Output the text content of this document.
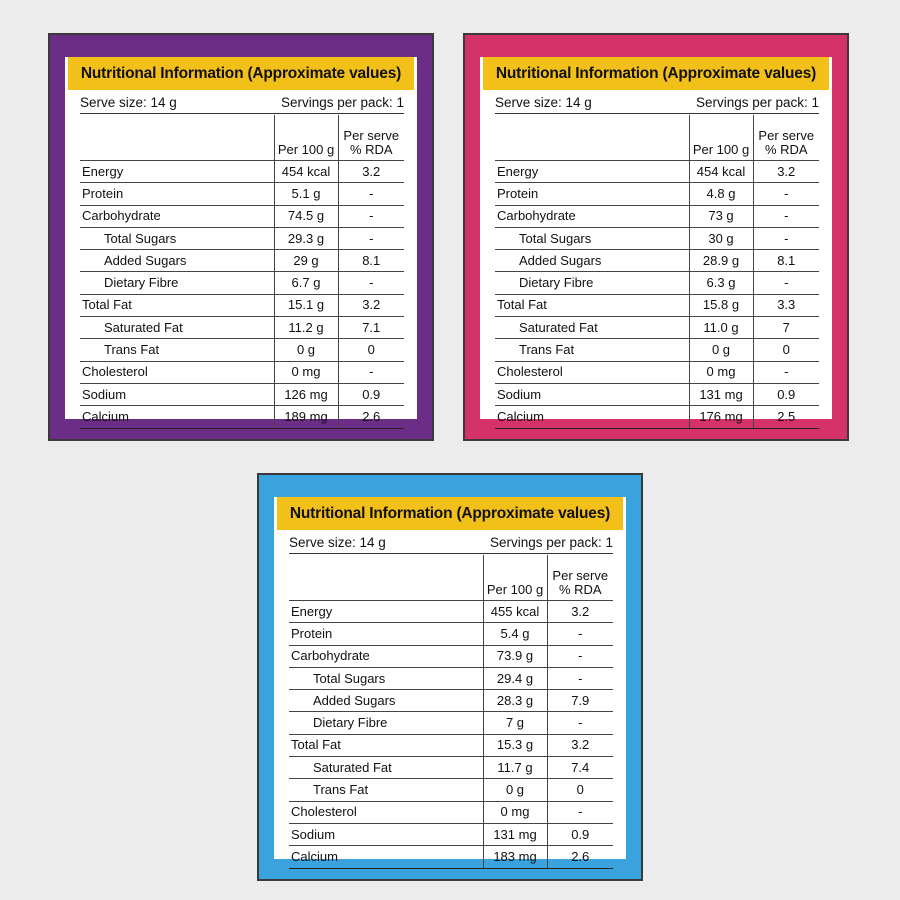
Nutritional Information (Approximate values)
Serve size: 14 g	Servings per pack: 1
	Per 100 g	Per serve
% RDA

Energy	454 kcal	3.2
Protein	5.1 g	-
Carbohydrate	74.5 g	-
Total Sugars	29.3 g	-
Added Sugars	29 g	8.1
Dietary Fibre	6.7 g	-
Total Fat	15.1 g	3.2
Saturated Fat	11.2 g	7.1
Trans Fat	0 g	0
Cholesterol	0 mg	-
Sodium	126 mg	0.9
Calcium	189 mg	2.6
Nutritional Information (Approximate values)
Serve size: 14 g	Servings per pack: 1
	Per 100 g	Per serve
% RDA

Energy	454 kcal	3.2
Protein	4.8 g	-
Carbohydrate	73 g	-
Total Sugars	30 g	-
Added Sugars	28.9 g	8.1
Dietary Fibre	6.3 g	-
Total Fat	15.8 g	3.3
Saturated Fat	11.0 g	7
Trans Fat	0 g	0
Cholesterol	0 mg	-
Sodium	131 mg	0.9
Calcium	176 mg	2.5
Nutritional Information (Approximate values)
Serve size: 14 g	Servings per pack: 1
	Per 100 g	Per serve
% RDA

Energy	455 kcal	3.2
Protein	5.4 g	-
Carbohydrate	73.9 g	-
Total Sugars	29.4 g	-
Added Sugars	28.3 g	7.9
Dietary Fibre	7 g	-
Total Fat	15.3 g	3.2
Saturated Fat	11.7 g	7.4
Trans Fat	0 g	0
Cholesterol	0 mg	-
Sodium	131 mg	0.9
Calcium	183 mg	2.6
